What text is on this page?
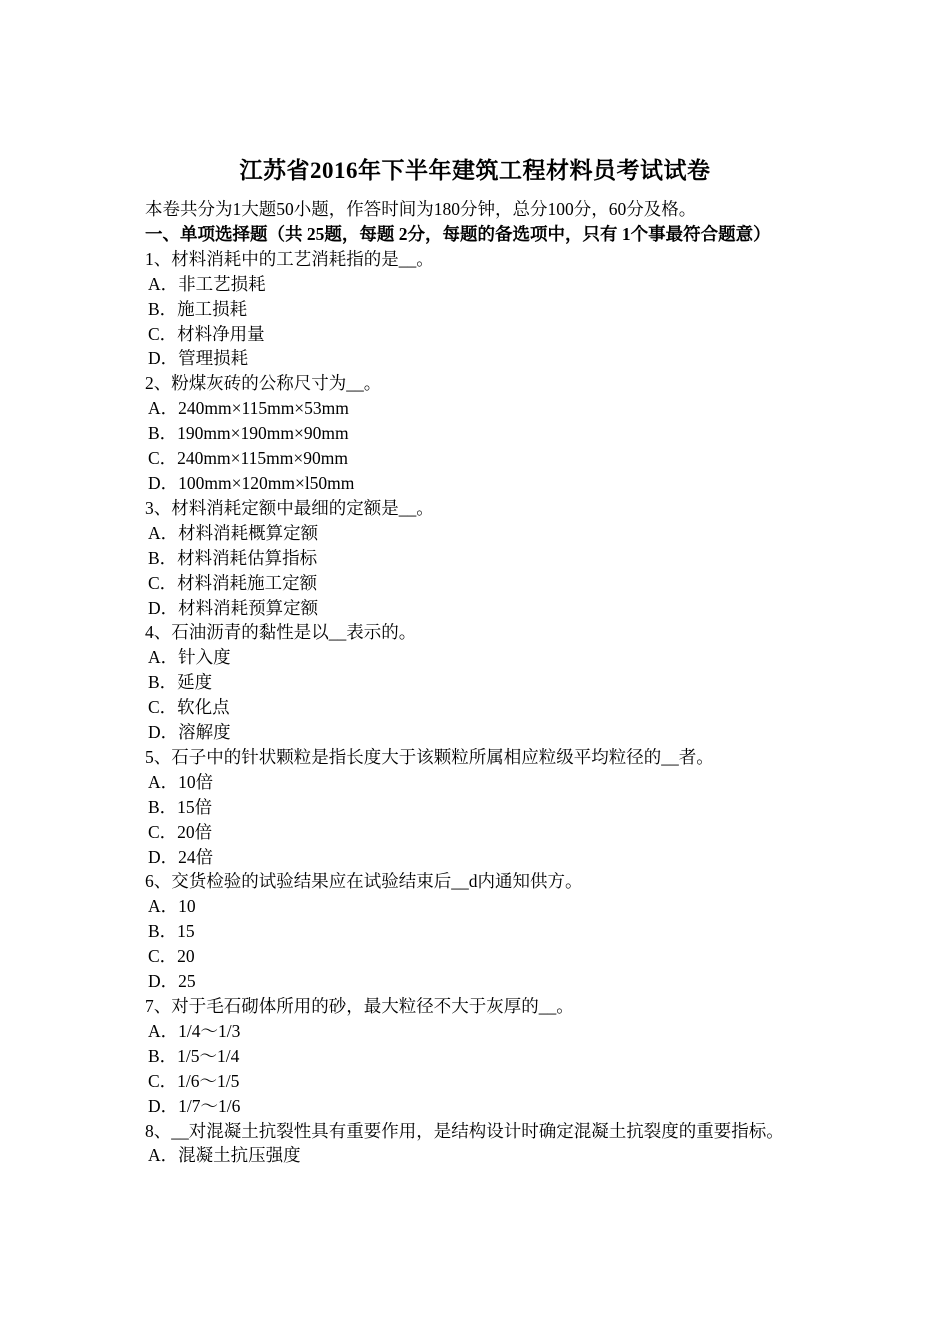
江苏省2016年下半年建筑工程材料员考试试卷
本卷共分为1大题50小题，作答时间为180分钟，总分100分，60分及格。
一、单项选择题（共 25题，每题 2分，每题的备选项中，只有 1个事最符合题意）
1、材料消耗中的工艺消耗指的是__。
A．非工艺损耗
B．施工损耗
C．材料净用量
D．管理损耗
2、粉煤灰砖的公称尺寸为__。
A．240mm×115mm×53mm
B．190mm×190mm×90mm
C．240mm×115mm×90mm
D．100mm×120mm×l50mm
3、材料消耗定额中最细的定额是__。
A．材料消耗概算定额
B．材料消耗估算指标
C．材料消耗施工定额
D．材料消耗预算定额
4、石油沥青的黏性是以__表示的。
A．针入度
B．延度
C．软化点
D．溶解度
5、石子中的针状颗粒是指长度大于该颗粒所属相应粒级平均粒径的__者。
A．10倍
B．15倍
C．20倍
D．24倍
6、交货检验的试验结果应在试验结束后__d内通知供方。
A．10
B．15
C．20
D．25
7、对于毛石砌体所用的砂，最大粒径不大于灰厚的__。
A．1/4～1/3
B．1/5～1/4
C．1/6～1/5
D．1/7～1/6
8、__对混凝土抗裂性具有重要作用，是结构设计时确定混凝土抗裂度的重要指标。
A．混凝土抗压强度
